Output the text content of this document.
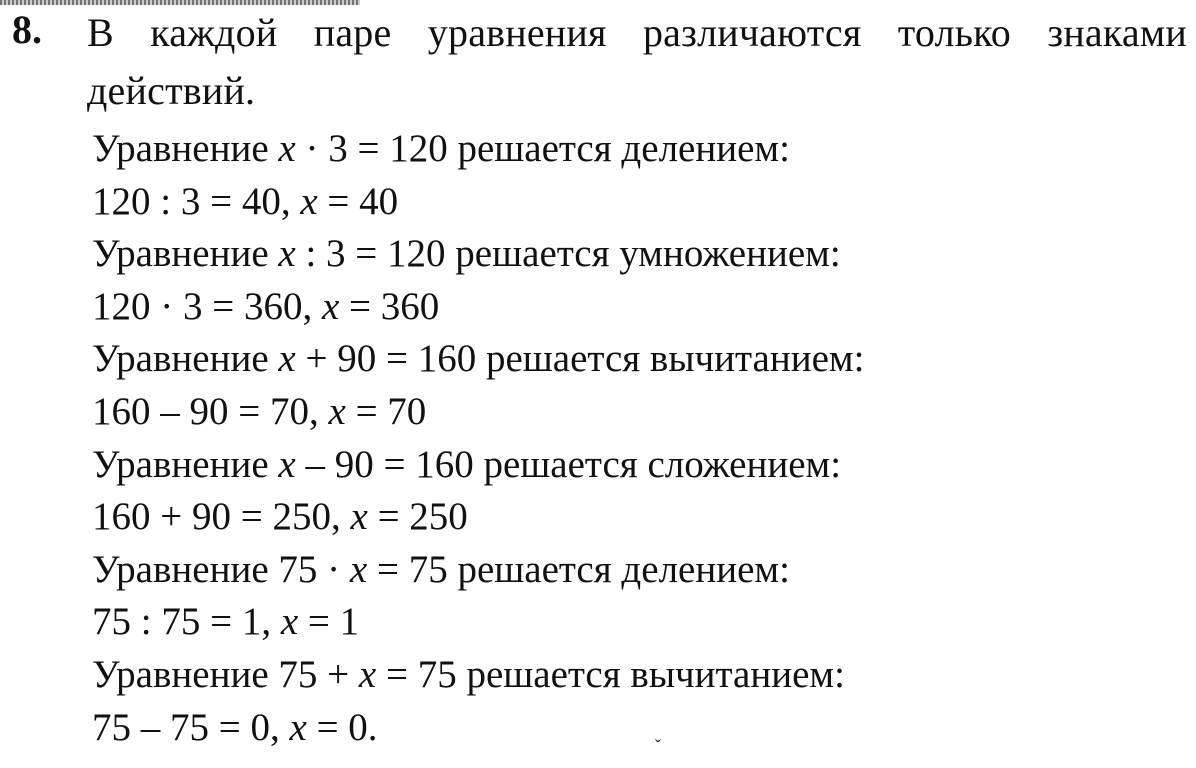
8. В каждой паре уравнения различаются только знаками действий.

Уравнение x · 3 = 120 решается делением:
120 : 3 = 40, x = 40
Уравнение x : 3 = 120 решается умножением:
120 · 3 = 360, x = 360
Уравнение x + 90 = 160 решается вычитанием:
160 – 90 = 70, x = 70
Уравнение x – 90 = 160 решается сложением:
160 + 90 = 250, x = 250
Уравнение 75 · x = 75 решается делением:
75 : 75 = 1, x = 1
Уравнение 75 + x = 75 решается вычитанием:
75 – 75 = 0, x = 0.	ˇ
